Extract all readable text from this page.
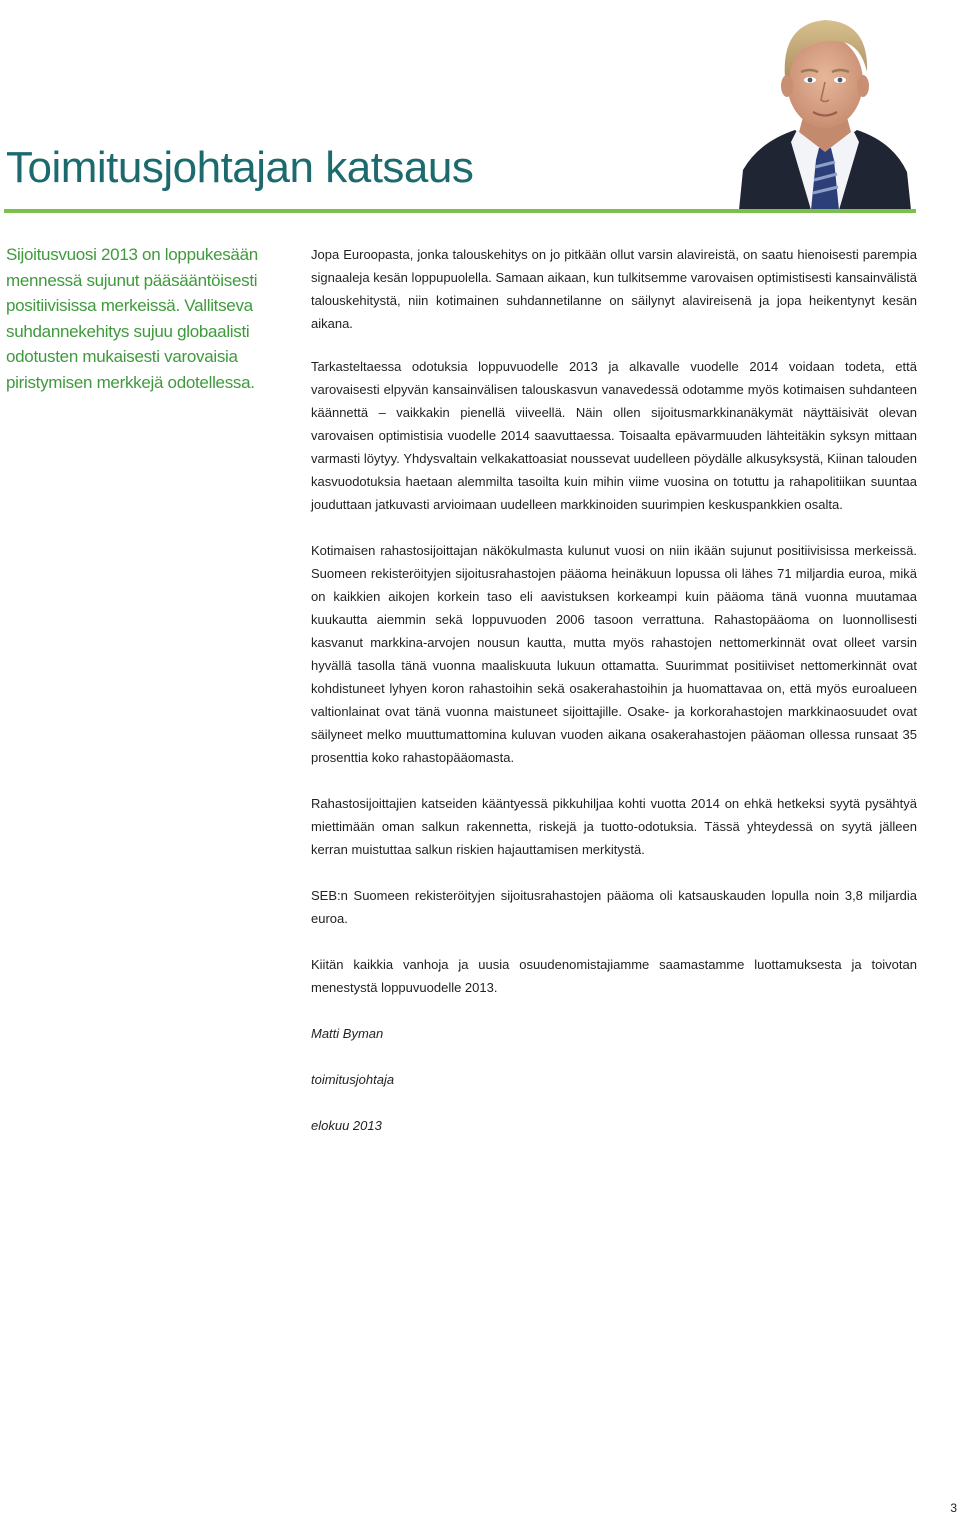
Toimitusjohtajan katsaus

Sijoitusvuosi 2013 on loppukesään mennessä sujunut pääsääntöisesti positiivisissa merkeissä. Vallitseva suhdannekehitys sujuu globaalisti odotusten mukaisesti varovaisia piristymisen merkkejä odotellessa.

Jopa Euroopasta, jonka talouskehitys on jo pitkään ollut varsin alavireistä, on saatu hienoisesti parempia signaaleja kesän loppupuolella. Samaan aikaan, kun tulkitsemme varovaisen optimistisesti kansainvälistä talouskehitystä, niin kotimainen suhdannetilanne on säilynyt alavireisenä ja jopa heikentynyt kesän aikana.

Tarkasteltaessa odotuksia loppuvuodelle 2013 ja alkavalle vuodelle 2014 voidaan todeta, että varovaisesti elpyvän kansainvälisen talouskasvun vanavedessä odotamme myös kotimaisen suhdanteen käännettä – vaikkakin pienellä viiveellä. Näin ollen sijoitusmarkkinanäkymät näyttäisivät olevan varovaisen optimistisia vuodelle 2014 saavuttaessa. Toisaalta epävarmuuden lähteitäkin syksyn mittaan varmasti löytyy. Yhdysvaltain velkakattoasiat noussevat uudelleen pöydälle alkusyksystä, Kiinan talouden kasvuodotuksia haetaan alemmilta tasoilta kuin mihin viime vuosina on totuttu ja rahapolitiikan suuntaa jouduttaan jatkuvasti arvioimaan uudelleen markkinoiden suurimpien keskuspankkien osalta.

Kotimaisen rahastosijoittajan näkökulmasta kulunut vuosi on niin ikään sujunut positiivisissa merkeissä. Suomeen rekisteröityjen sijoitusrahastojen pääoma heinäkuun lopussa oli lähes 71 miljardia euroa, mikä on kaikkien aikojen korkein taso eli aavistuksen korkeampi kuin pääoma tänä vuonna muutamaa kuukautta aiemmin sekä loppuvuoden 2006 tasoon verrattuna. Rahastopääoma on luonnollisesti kasvanut markkina-arvojen nousun kautta, mutta myös rahastojen nettomerkinnät ovat olleet varsin hyvällä tasolla tänä vuonna maaliskuuta lukuun ottamatta. Suurimmat positiiviset nettomerkinnät ovat kohdistuneet lyhyen koron rahastoihin sekä osakerahastoihin ja huomattavaa on, että myös euroalueen valtionlainat ovat tänä vuonna maistuneet sijoittajille. Osake- ja korkorahastojen markkinaosuudet ovat säilyneet melko muuttumattomina kuluvan vuoden aikana osakerahastojen pääoman ollessa runsaat 35 prosenttia koko rahastopääomasta.

Rahastosijoittajien katseiden kääntyessä pikkuhiljaa kohti vuotta 2014 on ehkä hetkeksi syytä pysähtyä miettimään oman salkun rakennetta, riskejä ja tuotto-odotuksia. Tässä yhteydessä on syytä jälleen kerran muistuttaa salkun riskien hajauttamisen merkitystä.

SEB:n Suomeen rekisteröityjen sijoitusrahastojen pääoma oli katsauskauden lopulla noin 3,8 miljardia euroa.

Kiitän kaikkia vanhoja ja uusia osuudenomistajiamme saamastamme luottamuksesta ja toivotan menestystä loppuvuodelle 2013.

Matti Byman

toimitusjohtaja

elokuu 2013

3
